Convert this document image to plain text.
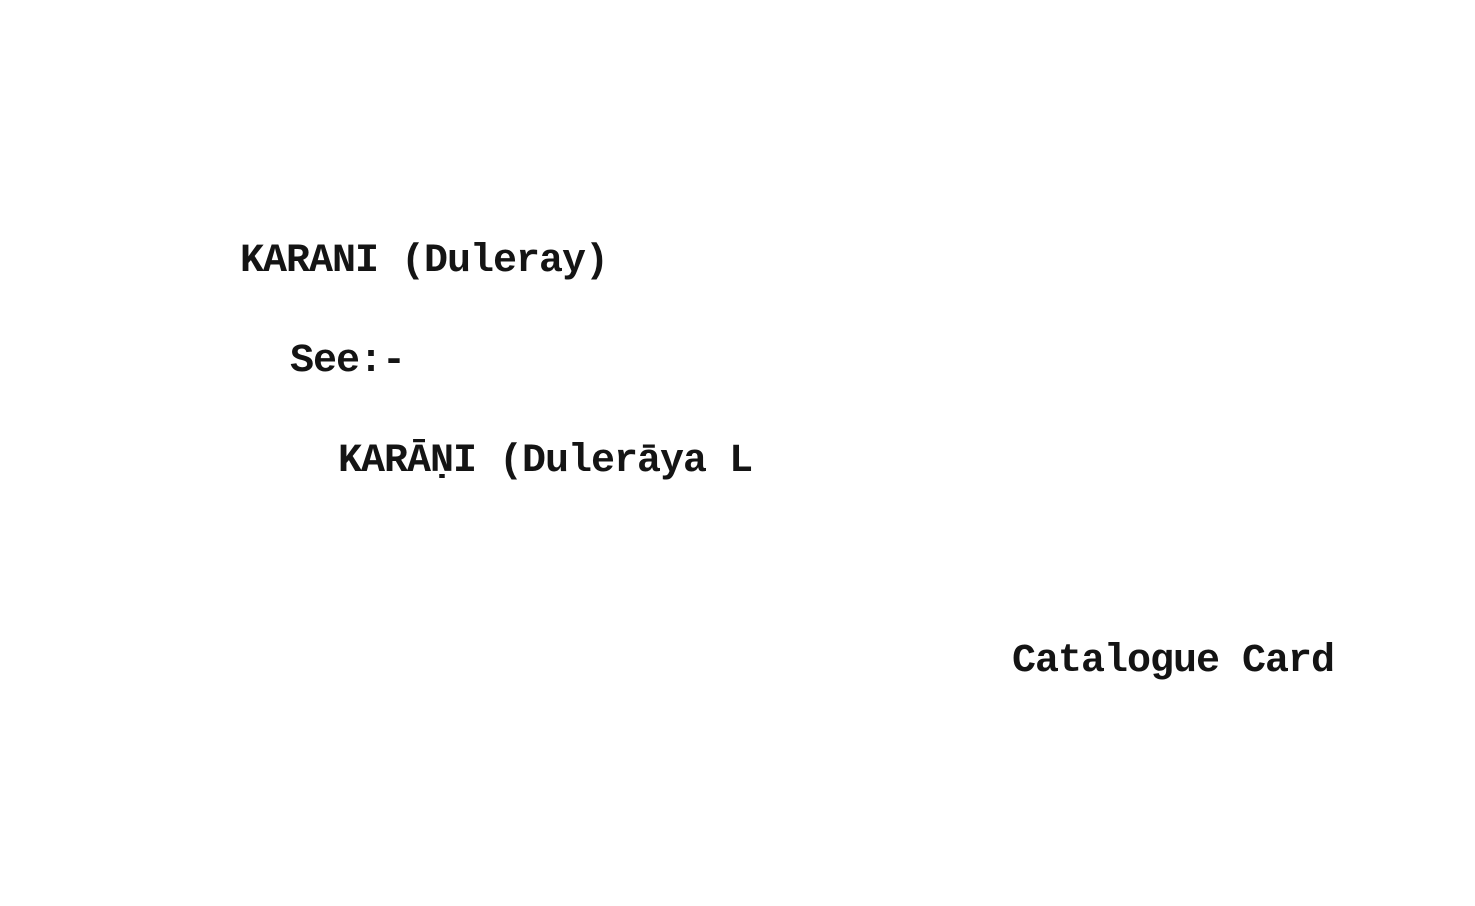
KARANI (Duleray)
See:-
KARĀṆI (Dulerāya L
Catalogue Card
